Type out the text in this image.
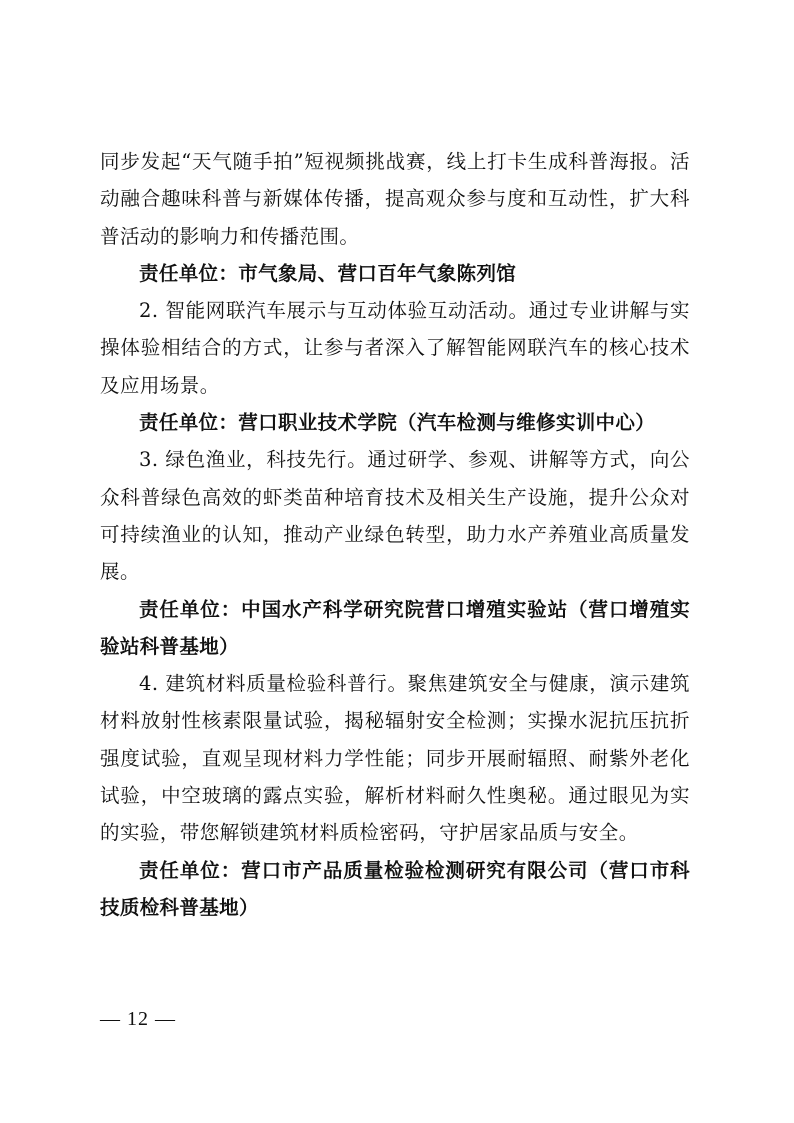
同步发起“天气随手拍”短视频挑战赛，线上打卡生成科普海报。活动融合趣味科普与新媒体传播，提高观众参与度和互动性，扩大科普活动的影响力和传播范围。

责任单位：市气象局、营口百年气象陈列馆

2. 智能网联汽车展示与互动体验互动活动。通过专业讲解与实操体验相结合的方式，让参与者深入了解智能网联汽车的核心技术及应用场景。

责任单位：营口职业技术学院（汽车检测与维修实训中心）

3. 绿色渔业，科技先行。通过研学、参观、讲解等方式，向公众科普绿色高效的虾类苗种培育技术及相关生产设施，提升公众对可持续渔业的认知，推动产业绿色转型，助力水产养殖业高质量发展。

责任单位：中国水产科学研究院营口增殖实验站（营口增殖实验站科普基地）

4. 建筑材料质量检验科普行。聚焦建筑安全与健康，演示建筑材料放射性核素限量试验，揭秘辐射安全检测；实操水泥抗压抗折强度试验，直观呈现材料力学性能；同步开展耐辐照、耐紫外老化试验，中空玻璃的露点实验，解析材料耐久性奥秘。通过眼见为实的实验，带您解锁建筑材料质检密码，守护居家品质与安全。

责任单位：营口市产品质量检验检测研究有限公司（营口市科技质检科普基地）

— 12 —
